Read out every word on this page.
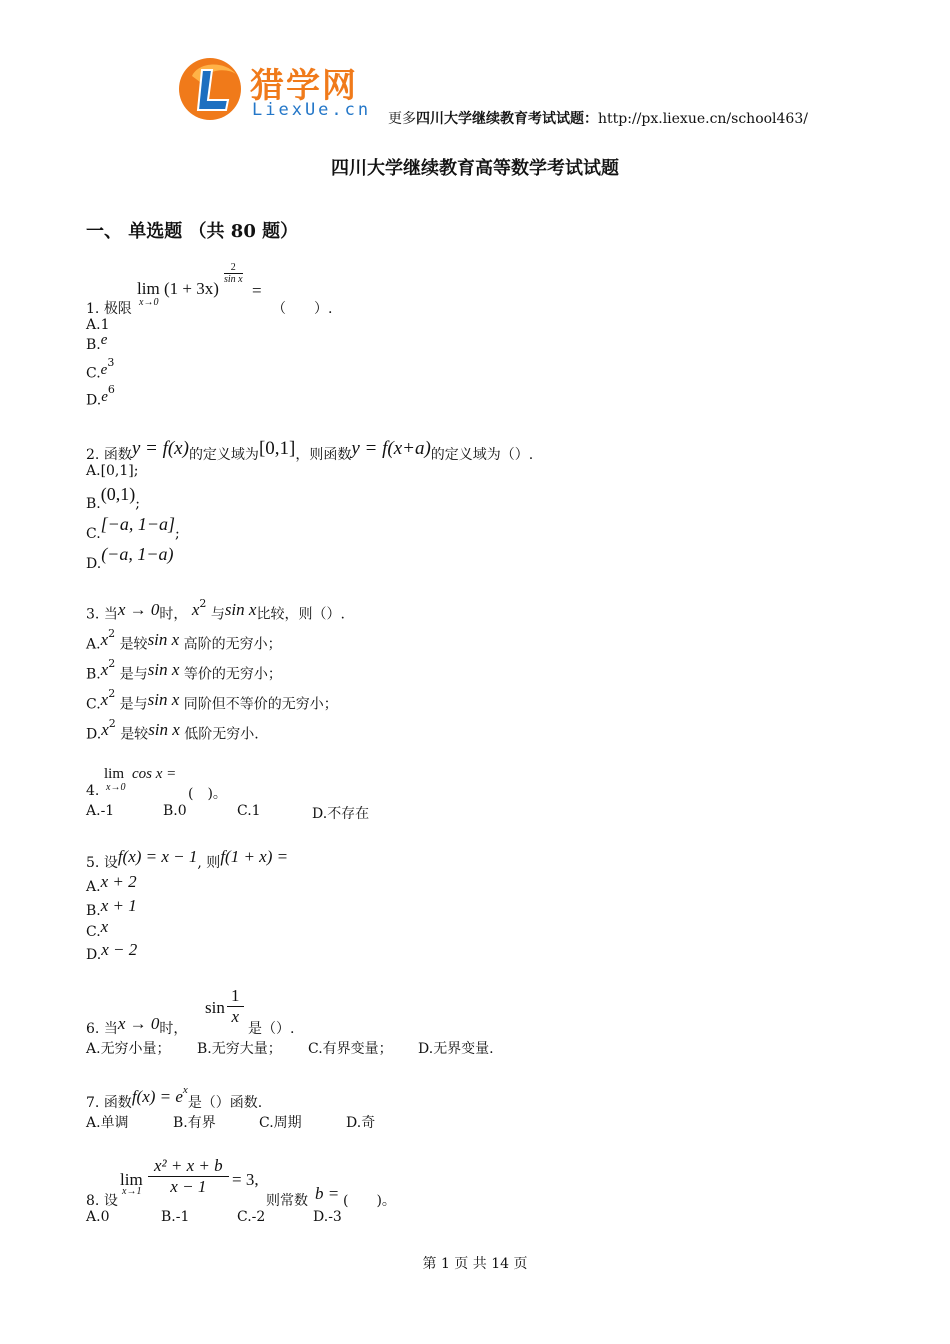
猎学网
LiexUe.cn 更多四川大学继续教育考试试题：http://px.liexue.cn/school463/
四川大学继续教育高等数学考试试题
一、 单选题 （共 80 题）
1. 极限
lim
x→0
(1 + 3x)
$\frac{2}{\text{sin x}}$
=
（　　）.
A.1
B.e
$C.e^3$
$D.e^6$
2. 函数y = f(x)的定义域为[0,1]，则函数y = f(x+a)的定义域为（）.
A.[0,1];
B.(0,1);
C.[−a, 1−a];
D.(−a, 1−a)
3. 当x → 0时， $x^2$ 与sin x比较，则（）.
$A.x^2$ 是较sin x 高阶的无穷小；
$B.x^2$ 是与sin x 等价的无穷小；
$C.x^2$ 是与sin x 同阶但不等价的无穷小；
$D.x^2$ 是较sin x 低阶无穷小.
4.
lim
x→0
cos x =
(　)。
A.-1	B.0	C.1	D.不存在
5. 设f(x) = x − 1, 则f(1 + x) =
A.x + 2
B.x + 1
C.x
D.x − 2
6. 当x → 0时，
$\sin \frac{1}{x}$
是（）.
A.无穷小量； B.无穷大量； C.有界变量； D.无界变量.
7. 函数$f(x) = e^x$是（）函数.
A.单调	B.有界	C.周期	D.奇
8. 设
lim
$x\to 1 \frac{\text{x² + x + b}}{x - 1} = 3$,
则常数 b = (　　)。
A.0	B.-1	C.-2	D.-3
第 1 页 共 14 页
